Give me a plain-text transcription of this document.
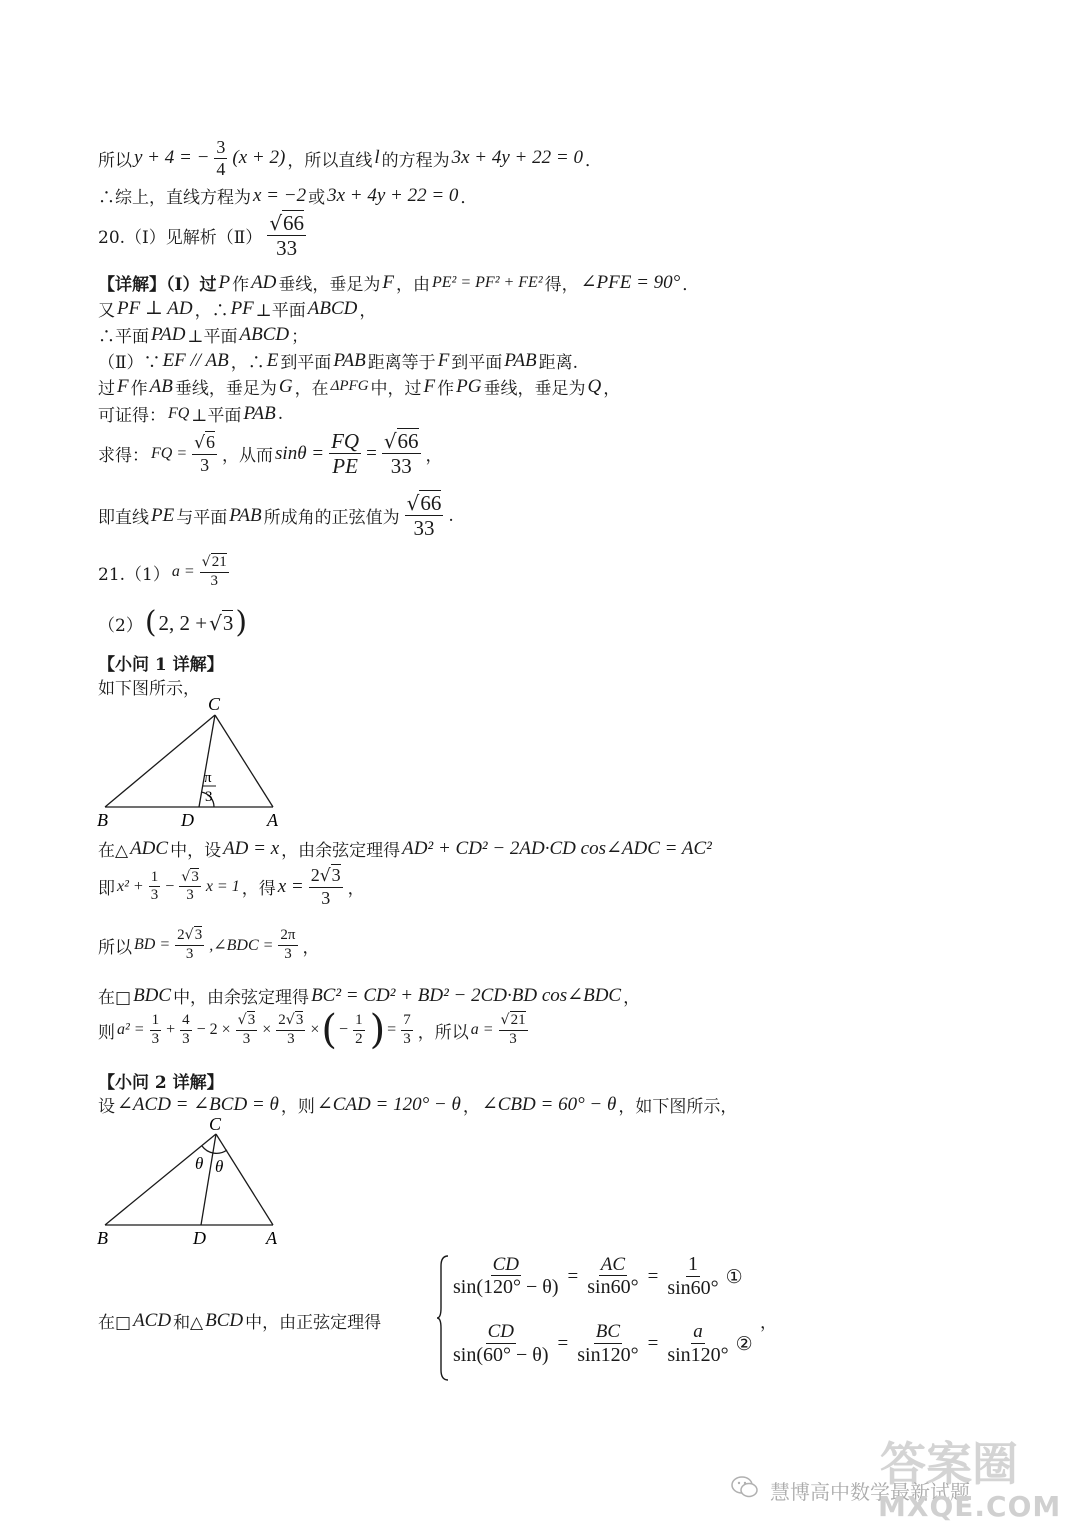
所以 y + 4 = − $\frac{3}{4} (x + 2)$ ，所以直线 l 的方程为 3x + 4y + 22 = 0 ．
∴综上，直线方程为 x = −2 或 3x + 4y + 22 = 0 ．
20.（Ⅰ）见解析（Ⅱ） $\frac{√66}{33}$
【详解】（Ⅰ）过 P 作 AD 垂线，垂足为 F ，由 PE² = PF² + FE² 得， ∠PFE = 90° ．
又 PF ⊥ AD ，∴ PF ⊥平面 ABCD ，
∴平面 PAD ⊥平面 ABCD ；
（Ⅱ）∵ EF // AB ，∴ E 到平面 PAB 距离等于 F 到平面 PAB 距离.
过 F 作 AB 垂线，垂足为 G ，在 ΔPFG 中，过 F 作 PG 垂线，垂足为 Q ，
可证得： FQ ⊥平面 PAB .
求得： FQ = $\frac{√6}{3}$ ，从而 $\sin\theta = \frac{FQ}{PE} = \frac{√66}{33}$ ，
即直线 PE 与平面 PAB 所成角的正弦值为 $\frac{√66}{33}$ .
21.（1） $a = \frac{√21}{3}$
（2） ( 2, 2 + √3 )
【小问 1 详解】
如下图所示，
C
B	D	A
π
3
在△ ADC 中，设 AD = x ，由余弦定理得 AD² + CD² − 2AD·CD cos∠ADC = AC²
即 $x^2 + \frac{1}{3} - \frac{√3}{3}$ x = 1 ，得 $x = \frac{2√3}{3}$ ，
所以 BD = $\frac{2√3}{3}$ ,∠BDC = $\frac{2\pi}{3}$ ，
在□ BDC 中，由余弦定理得 BC² = CD² + BD² − 2CD·BD cos∠BDC ，
则 $a^2 = \frac{1}{3} + \frac{4}{3} - 2 \times \frac{√3}{3} \times \frac{2√3}{3}$ × ( − $\frac{1}{2}$ ) = $\frac{7}{3}$ ，所以 $a = \frac{√21}{3}$
【小问 2 详解】
设 ∠ACD = ∠BCD = θ ，则 ∠CAD = 120° − θ ， ∠CBD = 60° − θ ，如下图所示，
C
B	D	A
θ θ
在□ ACD 和△ BCD 中，由正弦定理得
$\frac{CD}{\sin(120^\circ - \theta)} = \frac{AC}{\sin 60^\circ} = \frac{1}{\sin 60^\circ}$ ①
$\frac{CD}{\sin(60^\circ - \theta)} = \frac{BC}{\sin 120^\circ} = \frac{a}{\sin 120^\circ}$ ②
，
答案圈
慧博高中数学最新试题
MXQE.COM
